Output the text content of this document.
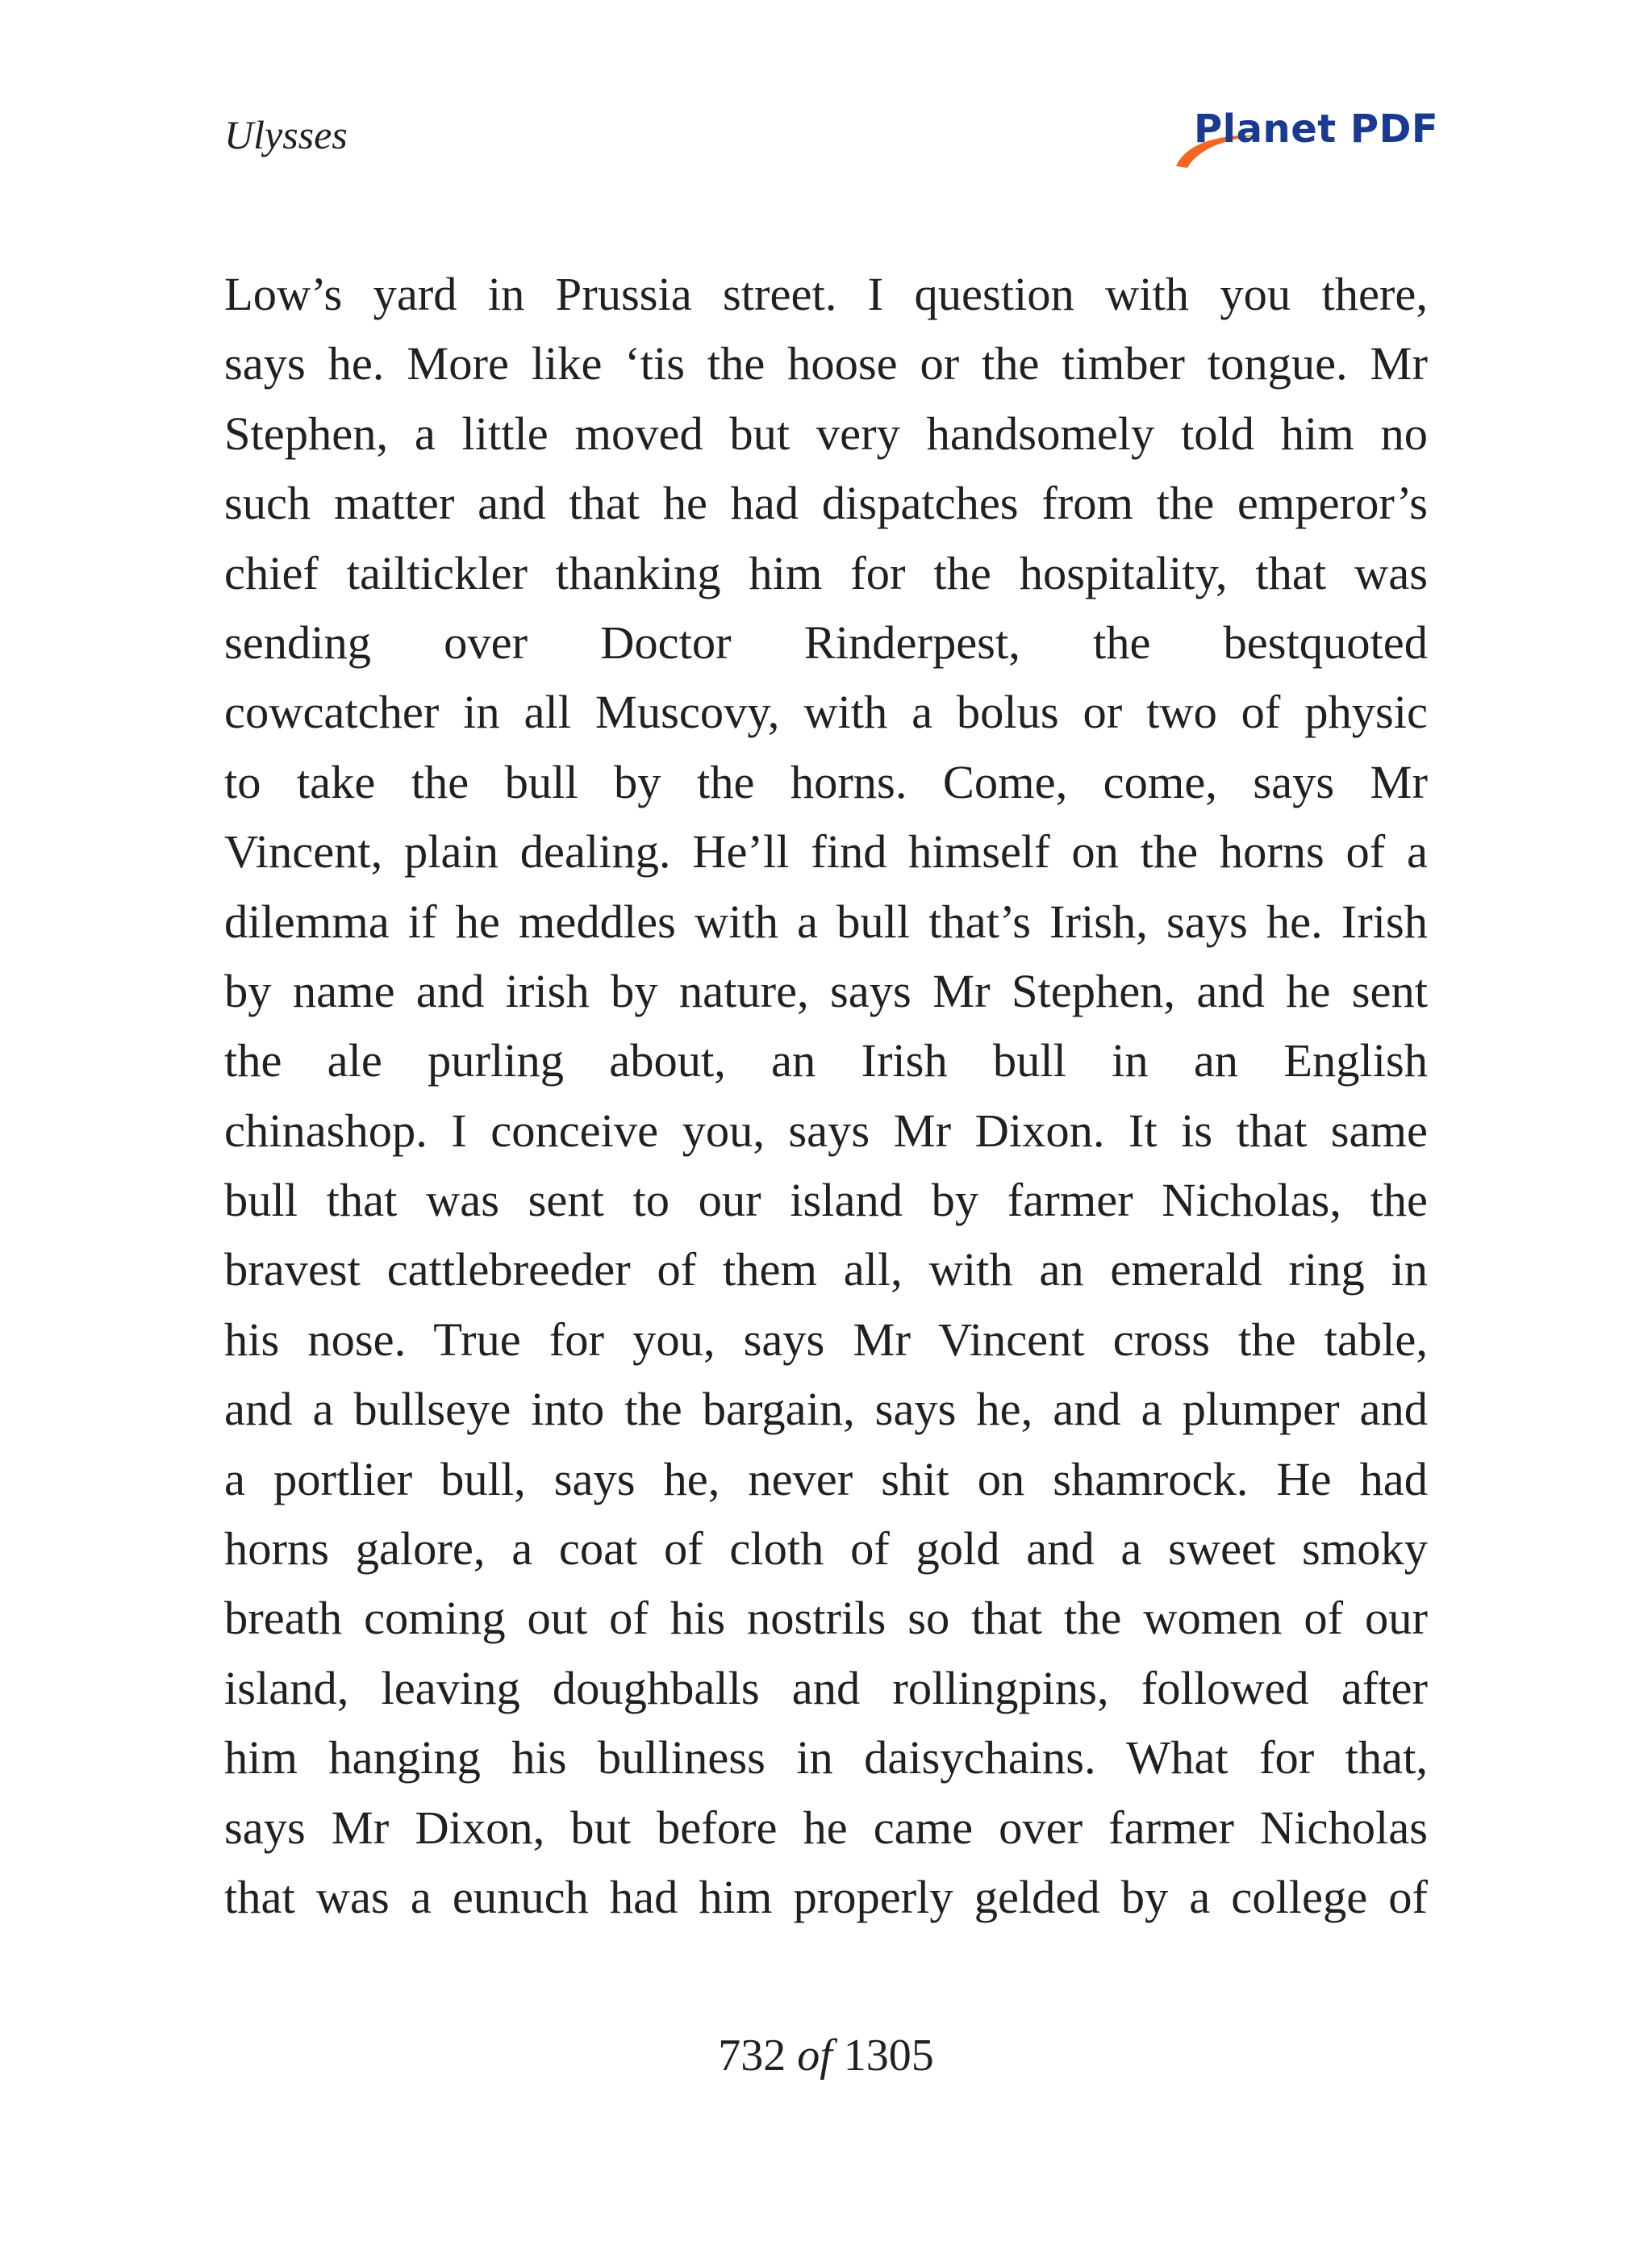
Ulysses	Planet PDF
Low’s yard in Prussia street. I question with you there,
says he. More like ‘tis the hoose or the timber tongue. Mr
Stephen, a little moved but very handsomely told him no
such matter and that he had dispatches from the emperor’s
chief tailtickler thanking him for the hospitality, that was
sending over Doctor Rinderpest, the bestquoted
cowcatcher in all Muscovy, with a bolus or two of physic
to take the bull by the horns. Come, come, says Mr
Vincent, plain dealing. He’ll find himself on the horns of a
dilemma if he meddles with a bull that’s Irish, says he. Irish
by name and irish by nature, says Mr Stephen, and he sent
the ale purling about, an Irish bull in an English
chinashop. I conceive you, says Mr Dixon. It is that same
bull that was sent to our island by farmer Nicholas, the
bravest cattlebreeder of them all, with an emerald ring in
his nose. True for you, says Mr Vincent cross the table,
and a bullseye into the bargain, says he, and a plumper and
a portlier bull, says he, never shit on shamrock. He had
horns galore, a coat of cloth of gold and a sweet smoky
breath coming out of his nostrils so that the women of our
island, leaving doughballs and rollingpins, followed after
him hanging his bulliness in daisychains. What for that,
says Mr Dixon, but before he came over farmer Nicholas
that was a eunuch had him properly gelded by a college of
732 of 1305
